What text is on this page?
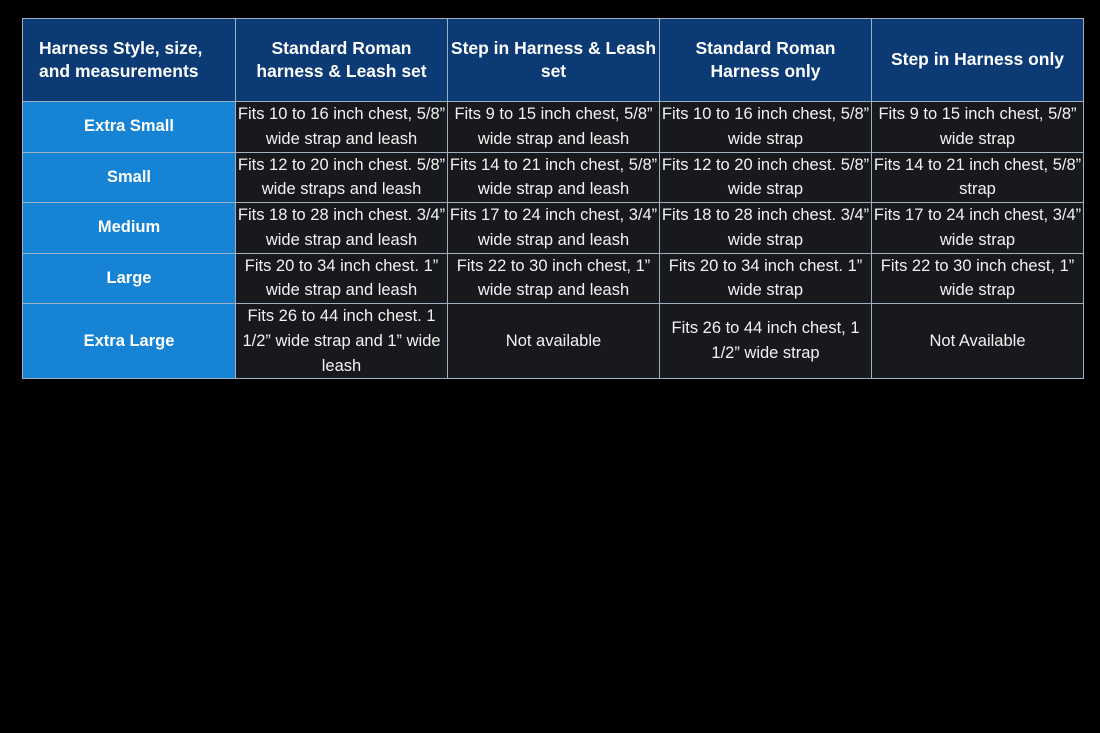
Harness Style, size, and measurements	Standard Roman harness & Leash set	Step in Harness & Leash set	Standard Roman Harness only	Step in Harness only
Extra Small	Fits 10 to 16 inch chest, 5/8” wide strap and leash	Fits 9 to 15 inch chest, 5/8” wide strap and leash	Fits 10 to 16 inch chest, 5/8” wide strap	Fits 9 to 15 inch chest, 5/8” wide strap
Small	Fits 12 to 20 inch chest. 5/8” wide straps and leash	Fits 14 to 21 inch chest, 5/8” wide strap and leash	Fits 12 to 20 inch chest. 5/8” wide strap	Fits 14 to 21 inch chest, 5/8” strap
Medium	Fits 18 to 28 inch chest. 3/4” wide strap and leash	Fits 17 to 24 inch chest, 3/4” wide strap and leash	Fits 18 to 28 inch chest. 3/4” wide strap	Fits 17 to 24 inch chest, 3/4” wide strap
Large	Fits 20 to 34 inch chest. 1” wide strap and leash	Fits 22 to 30 inch chest, 1” wide strap and leash	Fits 20 to 34 inch chest. 1” wide strap	Fits 22 to 30 inch chest, 1” wide strap
Extra Large	Fits 26 to 44 inch chest. 1 1/2” wide strap and 1” wide leash	Not available	Fits 26 to 44 inch chest, 1 1/2” wide strap	Not Available
